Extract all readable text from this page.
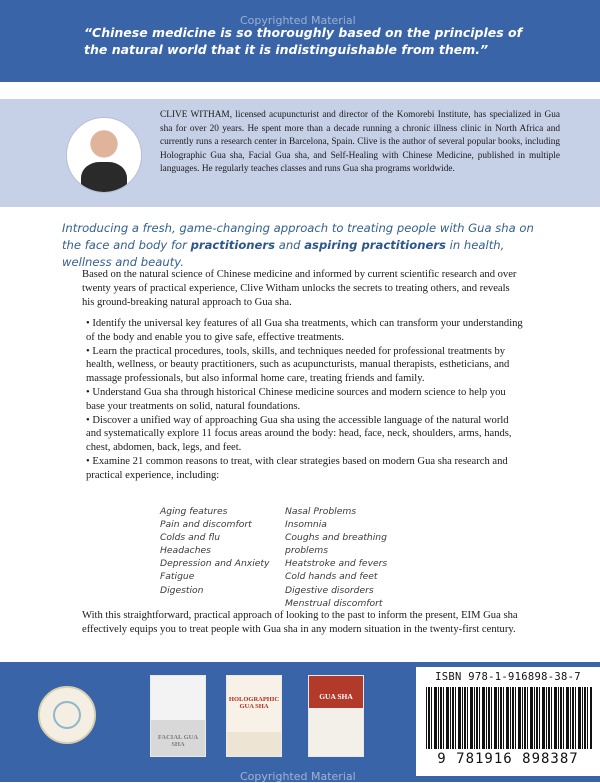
Copyrighted Material

“Chinese medicine is so thoroughly based on the principles of the natural world that it is indistinguishable from them.”

CLIVE WITHAM, licensed acupuncturist and director of the Komorebi Institute, has specialized in Gua sha for over 20 years. He spent more than a decade running a chronic illness clinic in North Africa and currently runs a research center in Barcelona, Spain. Clive is the author of several popular books, including Holographic Gua sha, Facial Gua sha, and Self-Healing with Chinese Medicine, published in multiple languages. He regularly teaches classes and runs Gua sha programs worldwide.

Introducing a fresh, game-changing approach to treating people with Gua sha on the face and body for practitioners and aspiring practitioners in health, wellness and beauty.

Based on the natural science of Chinese medicine and informed by current scientific research and over twenty years of practical experience, Clive Witham unlocks the secrets to treating others, and reveals his ground-breaking natural approach to Gua sha.

• Identify the universal key features of all Gua sha treatments, which can transform your understanding of the body and enable you to give safe, effective treatments.
• Learn the practical procedures, tools, skills, and techniques needed for professional treatments by health, wellness, or beauty practitioners, such as acupuncturists, manual therapists, estheticians, and massage professionals, but also informal home care, treating friends and family.
• Understand Gua sha through historical Chinese medicine sources and modern science to help you base your treatments on solid, natural foundations.
• Discover a unified way of approaching Gua sha using the accessible language of the natural world and systematically explore 11 focus areas around the body: head, face, neck, shoulders, arms, hands, chest, abdomen, back, legs, and feet.
• Examine 21 common reasons to treat, with clear strategies based on modern Gua sha research and practical experience, including:
Aging features
Pain and discomfort
Colds and flu
Headaches
Depression and Anxiety
Fatigue
Digestion
Nasal Problems
Insomnia
Coughs and breathing problems
Heatstroke and fevers
Cold hands and feet
Digestive disorders
Menstrual discomfort

With this straightforward, practical approach of looking to the past to inform the present, EIM Gua sha effectively equips you to treat people with Gua sha in any modern situation in the twenty-first century.

FACIAL GUA SHA
HOLOGRAPHIC GUA SHA
GUA SHA

ISBN 978-1-916898-38-7

9 781916 898387

Copyrighted Material
